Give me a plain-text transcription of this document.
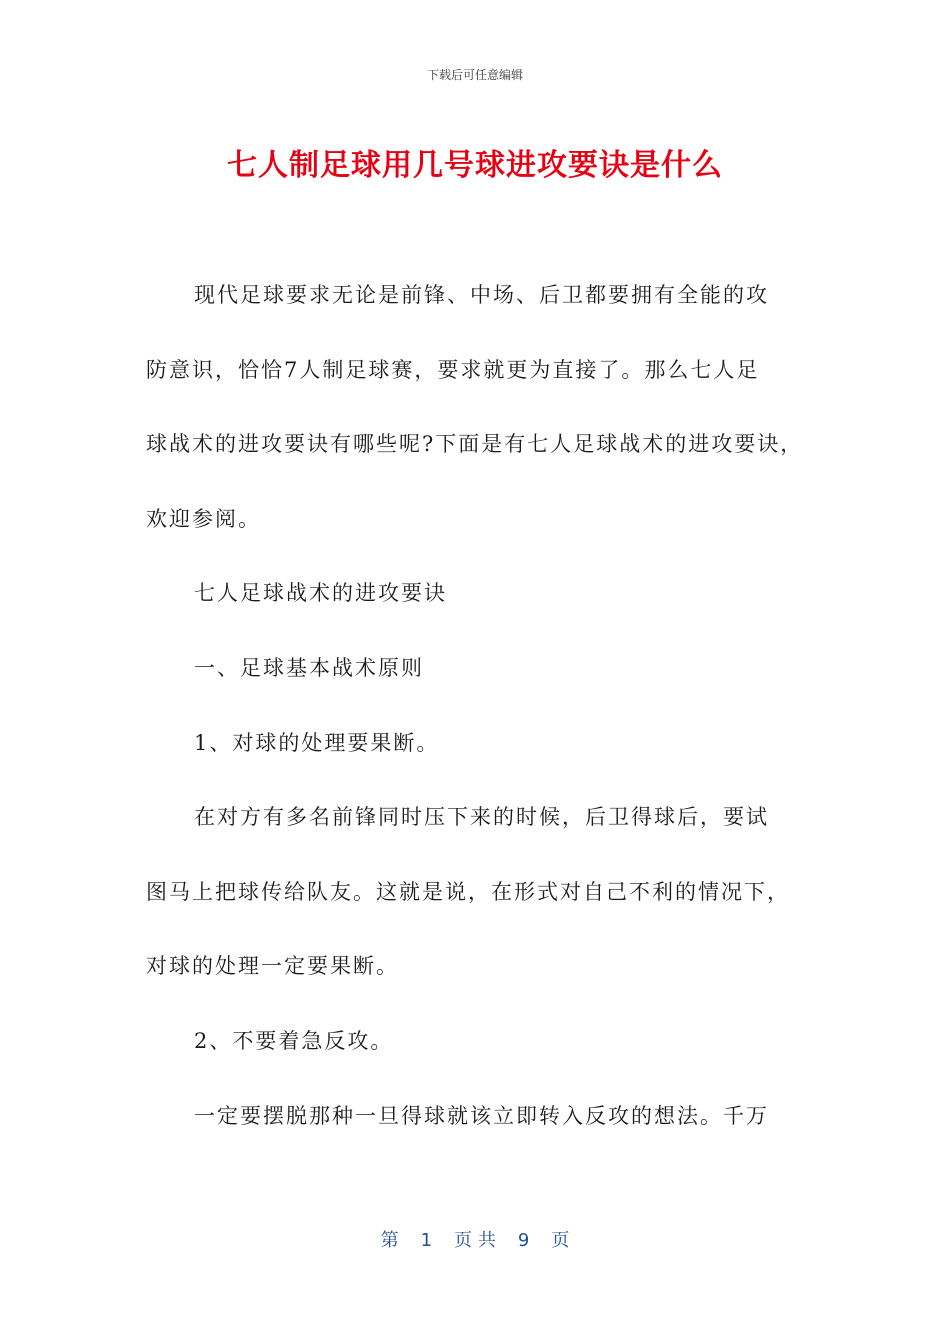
下载后可任意编辑
七人制足球用几号球进攻要诀是什么
现代足球要求无论是前锋、中场、后卫都要拥有全能的攻
防意识，恰恰7人制足球赛，要求就更为直接了。那么七人足
球战术的进攻要诀有哪些呢?下面是有七人足球战术的进攻要诀，
欢迎参阅。
七人足球战术的进攻要诀
一、足球基本战术原则
1、对球的处理要果断。
在对方有多名前锋同时压下来的时候，后卫得球后，要试
图马上把球传给队友。这就是说，在形式对自己不利的情况下，
对球的处理一定要果断。
2、不要着急反攻。
一定要摆脱那种一旦得球就该立即转入反攻的想法。千万
第 1 页 共 9 页
